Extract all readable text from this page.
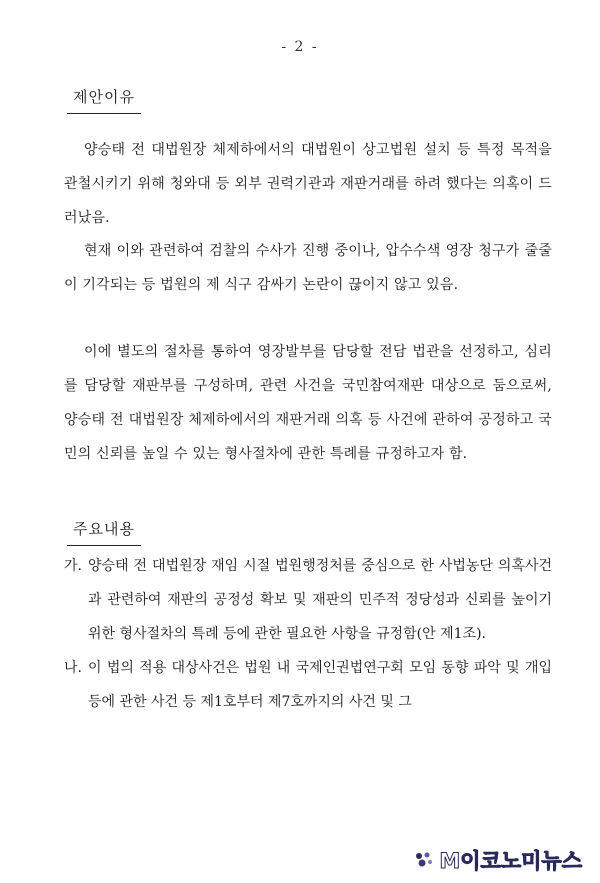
- 2 -
제안이유

양승태 전 대법원장 체제하에서의 대법원이 상고법원 설치 등 특정 목적을 관철시키기 위해 청와대 등 외부 권력기관과 재판거래를 하려 했다는 의혹이 드러났음.

현재 이와 관련하여 검찰의 수사가 진행 중이나, 압수수색 영장 청구가 줄줄이 기각되는 등 법원의 제 식구 감싸기 논란이 끊이지 않고 있음.

이에 별도의 절차를 통하여 영장발부를 담당할 전담 법관을 선정하고, 심리를 담당할 재판부를 구성하며, 관련 사건을 국민참여재판 대상으로 둠으로써, 양승태 전 대법원장 체제하에서의 재판거래 의혹 등 사건에 관하여 공정하고 국민의 신뢰를 높일 수 있는 형사절차에 관한 특례를 규정하고자 함.

주요내용
가. 양승태 전 대법원장 재임 시절 법원행정처를 중심으로 한 사법농단 의혹사건과 관련하여 재판의 공정성 확보 및 재판의 민주적 정당성과 신뢰를 높이기 위한 형사절차의 특례 등에 관한 필요한 사항을 규정함(안 제1조).
나. 이 법의 적용 대상사건은 법원 내 국제인권법연구회 모임 동향 파악 및 개입 등에 관한 사건 등 제1호부터 제7호까지의 사건 및 그
M이코노미뉴스
